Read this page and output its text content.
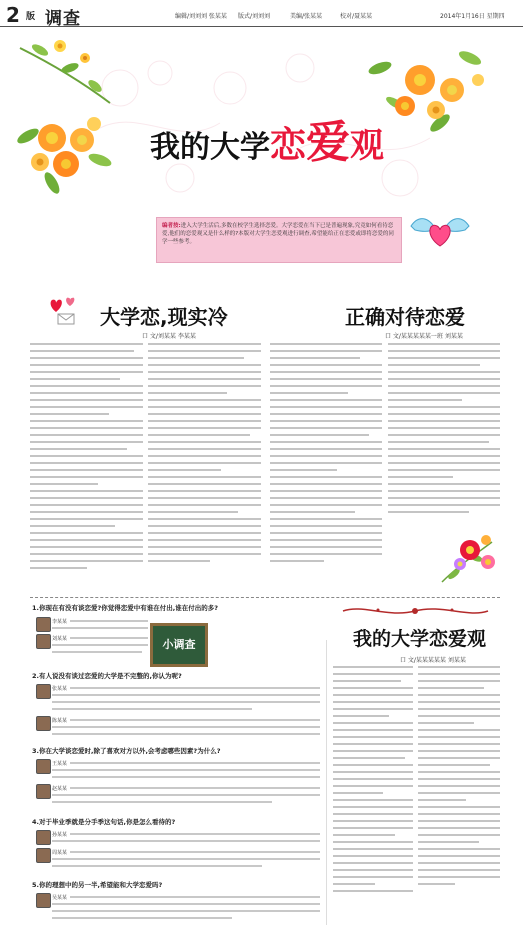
2 版 调查	编辑/刘刘刘 张某某 版式/刘刘刘	美编/张某某	校对/聂某某	2014年1月16日 星期四
我的大学恋爱观
编者按:进入大学生活后,多数在校学生选择恋爱。大学恋爱在当下已是普遍现象,究竟如何看待恋爱,他们的恋爱观又是什么样的?本版对大学生恋爱观进行调查,希望能给正在恋爱或即将恋爱的同学一些参考。
大学恋,现实冷
口 文/刘某某 李某某
正确对待恋爱
口 文/某某某某某一班 刘某某
1.你现在有没有谈恋爱?你觉得恋爱中有谁在付出,谁在付出的多?
李某某
刘某某	小调查
2.有人说没有谈过恋爱的大学是不完整的,你认为呢?
张某某
陈某某
3.你在大学谈恋爱时,除了喜欢对方以外,会考虑哪些因素?为什么?
王某某
赵某某
4.对于毕业季就是分手季这句话,你是怎么看待的?
孙某某
周某某
5.你的理想中的另一半,希望能和大学恋爱吗?
吴某某
我的大学恋爱观
口 文/某某某某某 刘某某
